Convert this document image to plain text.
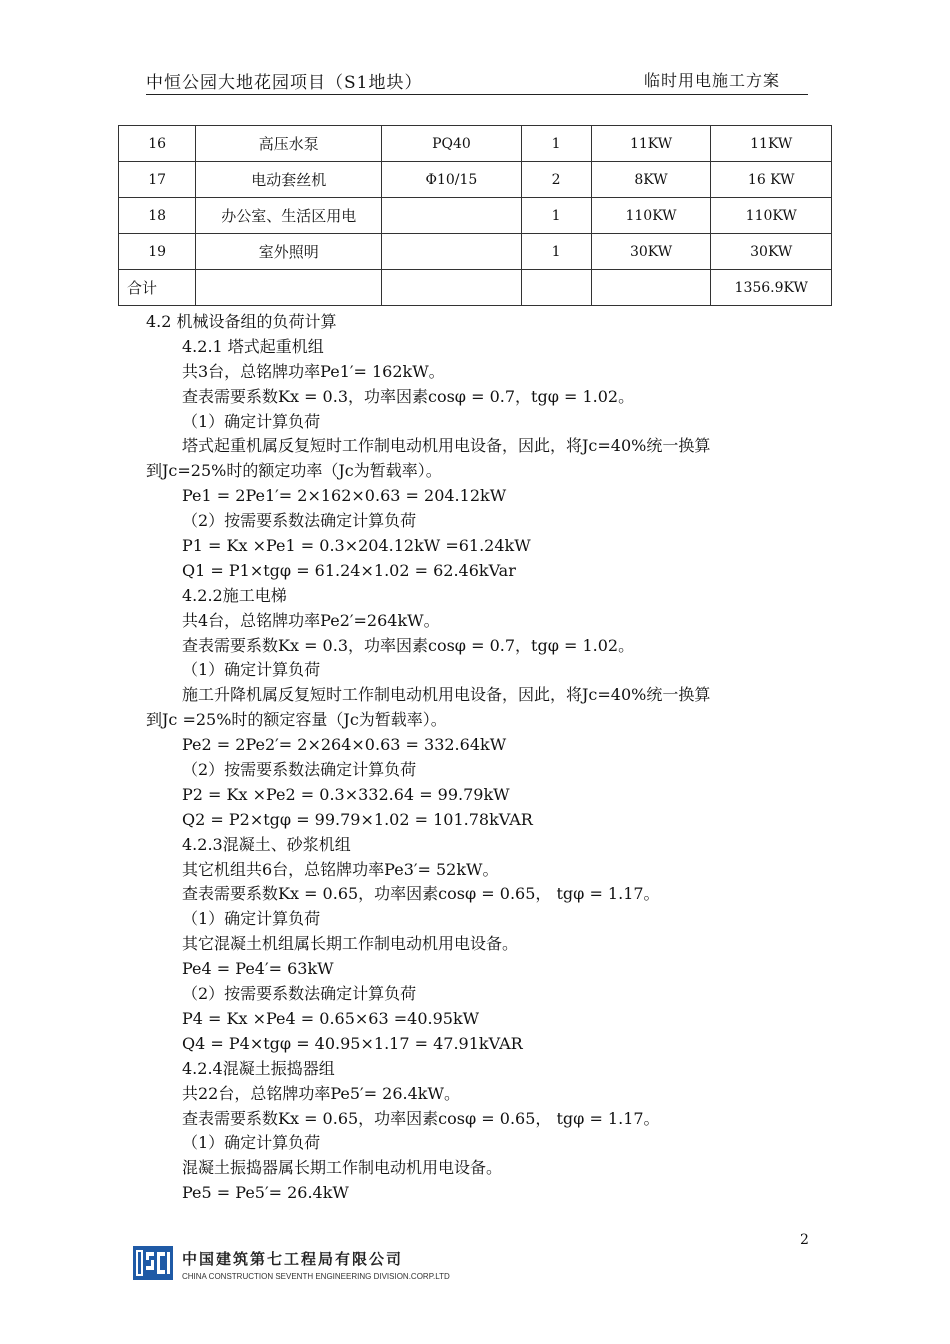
中恒公园大地花园项目（S1地块）	临时用电施工方案
16	高压水泵	PQ40	1	11KW	11KW
17	电动套丝机	Φ10/15	2	8KW	16 KW
18	办公室、生活区用电		1	110KW	110KW
19	室外照明		1	30KW	30KW
合计					1356.9KW
4.2 机械设备组的负荷计算
4.2.1 塔式起重机组
共3台，总铭牌功率Pe1′= 162kW。
查表需要系数Kx = 0.3，功率因素cosφ = 0.7，tgφ = 1.02。
（1）确定计算负荷
塔式起重机属反复短时工作制电动机用电设备，因此，将Jc=40%统一换算
到Jc=25%时的额定功率（Jc为暂载率）。
Pe1 = 2Pe1′= 2×162×0.63 = 204.12kW
（2）按需要系数法确定计算负荷
P1 = Kx ×Pe1 = 0.3×204.12kW =61.24kW
Q1 = P1×tgφ = 61.24×1.02 = 62.46kVar
4.2.2施工电梯
共4台，总铭牌功率Pe2′=264kW。
查表需要系数Kx = 0.3，功率因素cosφ = 0.7，tgφ = 1.02。
（1）确定计算负荷
施工升降机属反复短时工作制电动机用电设备，因此，将Jc=40%统一换算
到Jc =25%时的额定容量（Jc为暂载率）。
Pe2 = 2Pe2′= 2×264×0.63 = 332.64kW
（2）按需要系数法确定计算负荷
P2 = Kx ×Pe2 = 0.3×332.64 = 99.79kW
Q2 = P2×tgφ = 99.79×1.02 = 101.78kVAR
4.2.3混凝土、砂浆机组
其它机组共6台，总铭牌功率Pe3′= 52kW。
查表需要系数Kx = 0.65，功率因素cosφ = 0.65， tgφ = 1.17。
（1）确定计算负荷
其它混凝土机组属长期工作制电动机用电设备。
Pe4 = Pe4′= 63kW
（2）按需要系数法确定计算负荷
P4 = Kx ×Pe4 = 0.65×63 =40.95kW
Q4 = P4×tgφ = 40.95×1.17 = 47.91kVAR
4.2.4混凝土振捣器组
共22台，总铭牌功率Pe5′= 26.4kW。
查表需要系数Kx = 0.65，功率因素cosφ = 0.65， tgφ = 1.17。
（1）确定计算负荷
混凝土振捣器属长期工作制电动机用电设备。
Pe5 = Pe5′= 26.4kW
2
中国建筑第七工程局有限公司
CHINA CONSTRUCTION SEVENTH ENGINEERING DIVISION.CORP.LTD
